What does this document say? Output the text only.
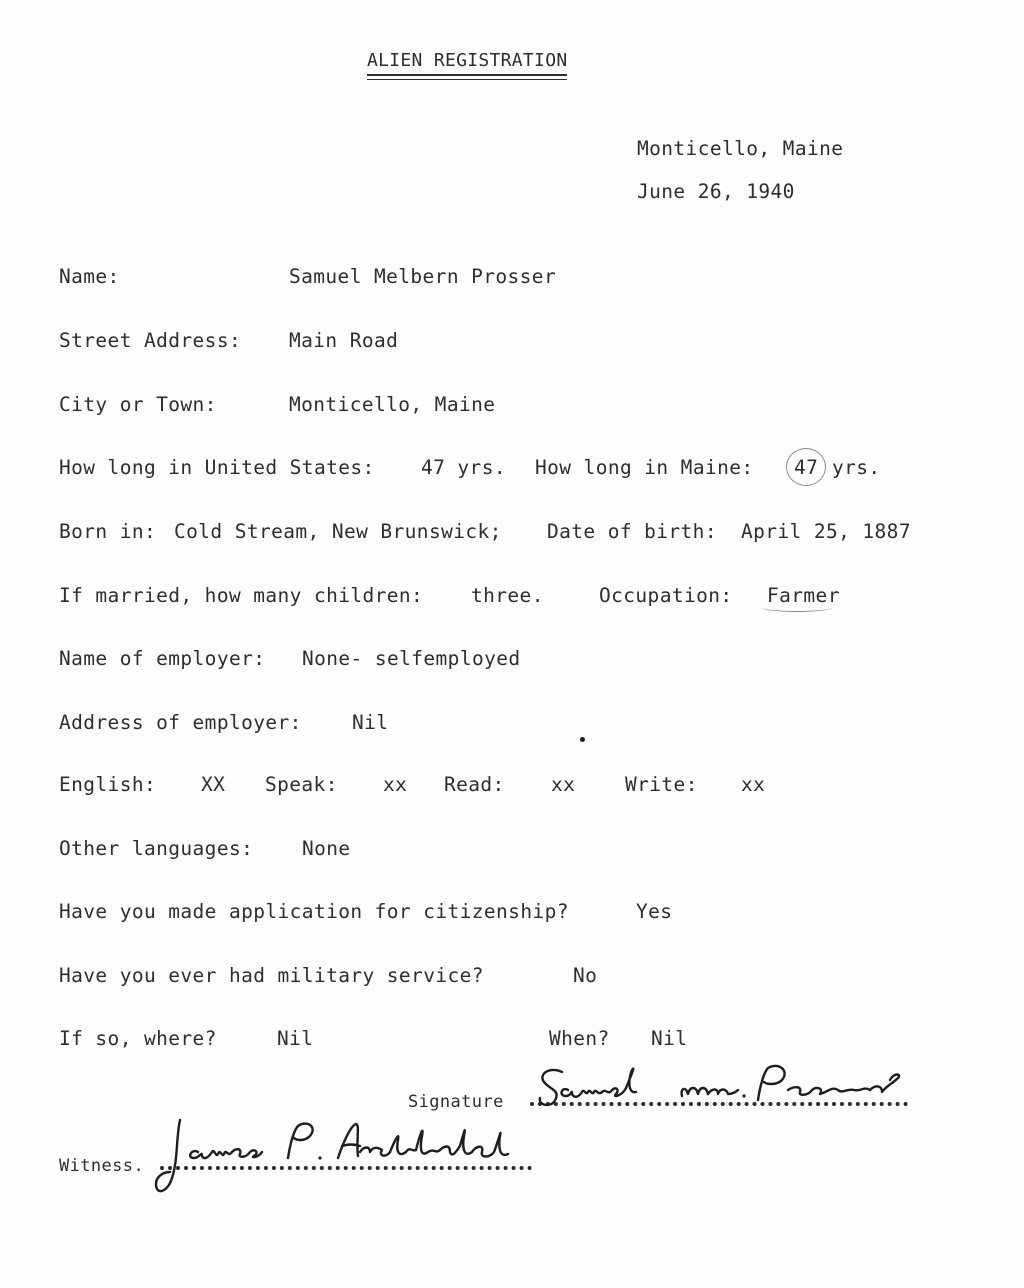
ALIEN REGISTRATION
Monticello, Maine
June 26, 1940
Name:	Samuel Melbern Prosser
Street Address: Main Road
City or Town:	Monticello, Maine
How long in United States: 47 yrs. How long in Maine: 47 yrs.
Born in: Cold Stream, New Brunswick; Date of birth: April 25, 1887
If married, how many children: three.	Occupation: Farmer
Name of employer: None- selfemployed
Address of employer:	Nil
English: XX Speak: xx Read: xx	Write: xx
Other languages:	None
Have you made application for citizenship?	Yes
Have you ever had military service?	No
If so, where?	Nil	When? Nil
Signature
Witness.
